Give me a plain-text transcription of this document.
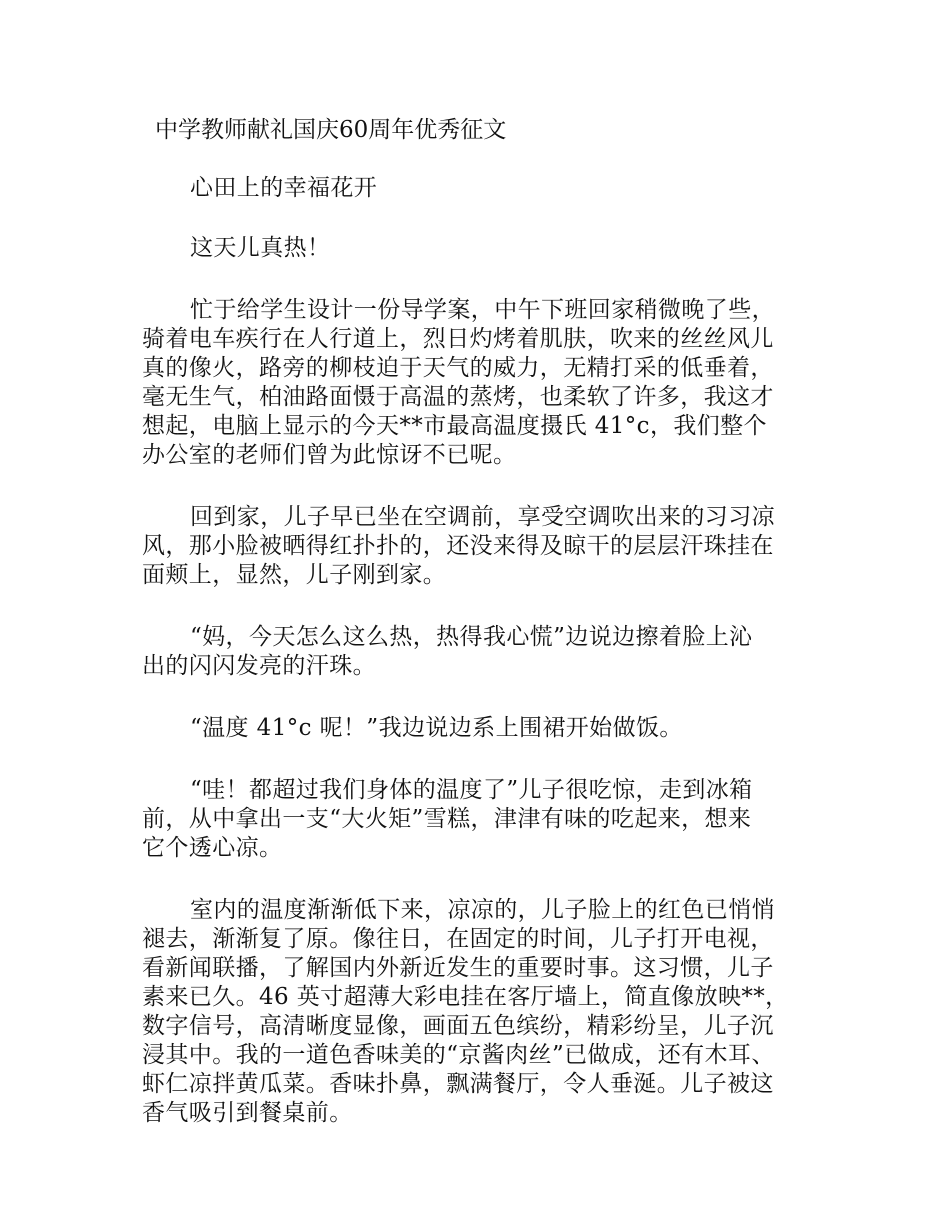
中学教师献礼国庆60周年优秀征文

心田上的幸福花开

这天儿真热！

忙于给学生设计一份导学案，中午下班回家稍微晚了些，

骑着电车疾行在人行道上，烈日灼烤着肌肤，吹来的丝丝风儿

真的像火，路旁的柳枝迫于天气的威力，无精打采的低垂着，

毫无生气，柏油路面慑于高温的蒸烤，也柔软了许多，我这才

想起，电脑上显示的今天**市最高温度摄氏 41°c，我们整个

办公室的老师们曾为此惊讶不已呢。

回到家，儿子早已坐在空调前，享受空调吹出来的习习凉

风，那小脸被晒得红扑扑的，还没来得及晾干的层层汗珠挂在

面颊上，显然，儿子刚到家。

“妈，今天怎么这么热，热得我心慌”边说边擦着脸上沁

出的闪闪发亮的汗珠。

“温度 41°c 呢！”我边说边系上围裙开始做饭。

“哇！都超过我们身体的温度了”儿子很吃惊，走到冰箱

前，从中拿出一支“大火矩”雪糕，津津有味的吃起来，想来

它个透心凉。

室内的温度渐渐低下来，凉凉的，儿子脸上的红色已悄悄

褪去，渐渐复了原。像往日，在固定的时间，儿子打开电视，

看新闻联播，了解国内外新近发生的重要时事。这习惯，儿子

素来已久。46 英寸超薄大彩电挂在客厅墙上，简直像放映**，

数字信号，高清晰度显像，画面五色缤纷，精彩纷呈，儿子沉

浸其中。我的一道色香味美的“京酱肉丝”已做成，还有木耳、

虾仁凉拌黄瓜菜。香味扑鼻，飘满餐厅，令人垂涎。儿子被这

香气吸引到餐桌前。
